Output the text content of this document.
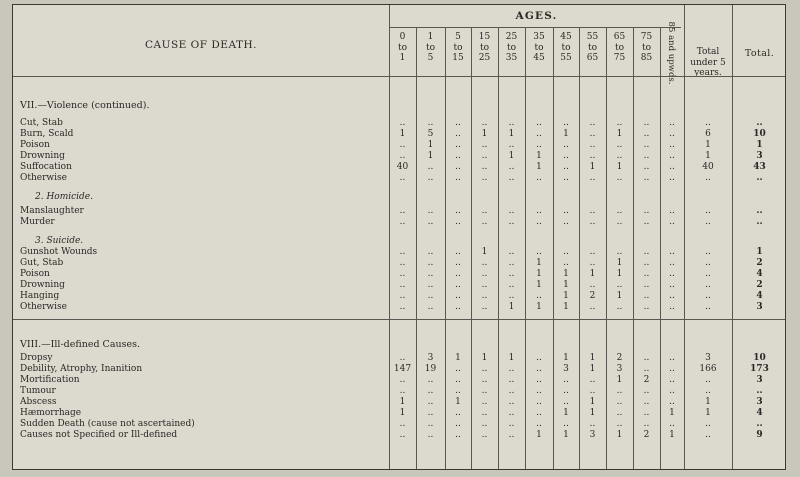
CAUSE OF DEATH.
AGES.
Total under 5 years.
Total.
85 and upwds.
0
to
1
1
to
5
5
to
15
15
to
25
25
to
35
35
to
45
45
to
55
55
to
65
65
to
75
75
to
85
VII.—Violence (continued).
2. Homicide.
3. Suicide.
VIII.—Ill-defined Causes.
Cut, Stab	..	..	..	..	..	..	..	..	..	..	..	..	..
Burn, Scald	1	5	..	1	1	..	1	..	1	..	..	6	10
Poison	..	1	..	..	..	..	..	..	..	..	..	1	1
Drowning	..	1	..	..	1	1	..	..	..	..	..	1	3
Suffocation	40	..	..	..	..	1	..	1	1	..	..	40	43
Otherwise	..	..	..	..	..	..	..	..	..	..	..	..	..
Manslaughter	..	..	..	..	..	..	..	..	..	..	..	..	..
Murder	..	..	..	..	..	..	..	..	..	..	..	..	..
Gunshot Wounds	..	..	..	1	..	..	..	..	..	..	..	..	1
Gut, Stab	..	..	..	..	..	1	..	..	1	..	..	..	2
Poison	..	..	..	..	..	1	1	1	1	..	..	..	4
Drowning	..	..	..	..	..	1	1	..	..	..	..	..	2
Hanging	..	..	..	..	..	..	1	2	1	..	..	..	4
Otherwise	..	..	..	..	1	1	1	..	..	..	..	..	3
Dropsy	..	3	1	1	1	..	1	1	2	..	..	3	10
Debility, Atrophy, Inanition	147	19	..	..	..	..	3	1	3	..	..	166	173
Mortification	..	..	..	..	..	..	..	..	1	2	..	..	3
Tumour	..	..	..	..	..	..	..	..	..	..	..	..	..
Abscess	1	..	1	..	..	..	..	1	..	..	..	1	3
Hæmorrhage	1	..	..	..	..	..	1	1	..	..	1	1	4
Sudden Death (cause not ascertained)	..	..	..	..	..	..	..	..	..	..	..	..	..
Causes not Specified or Ill-defined	..	..	..	..	..	1	1	3	1	2	1	..	9
